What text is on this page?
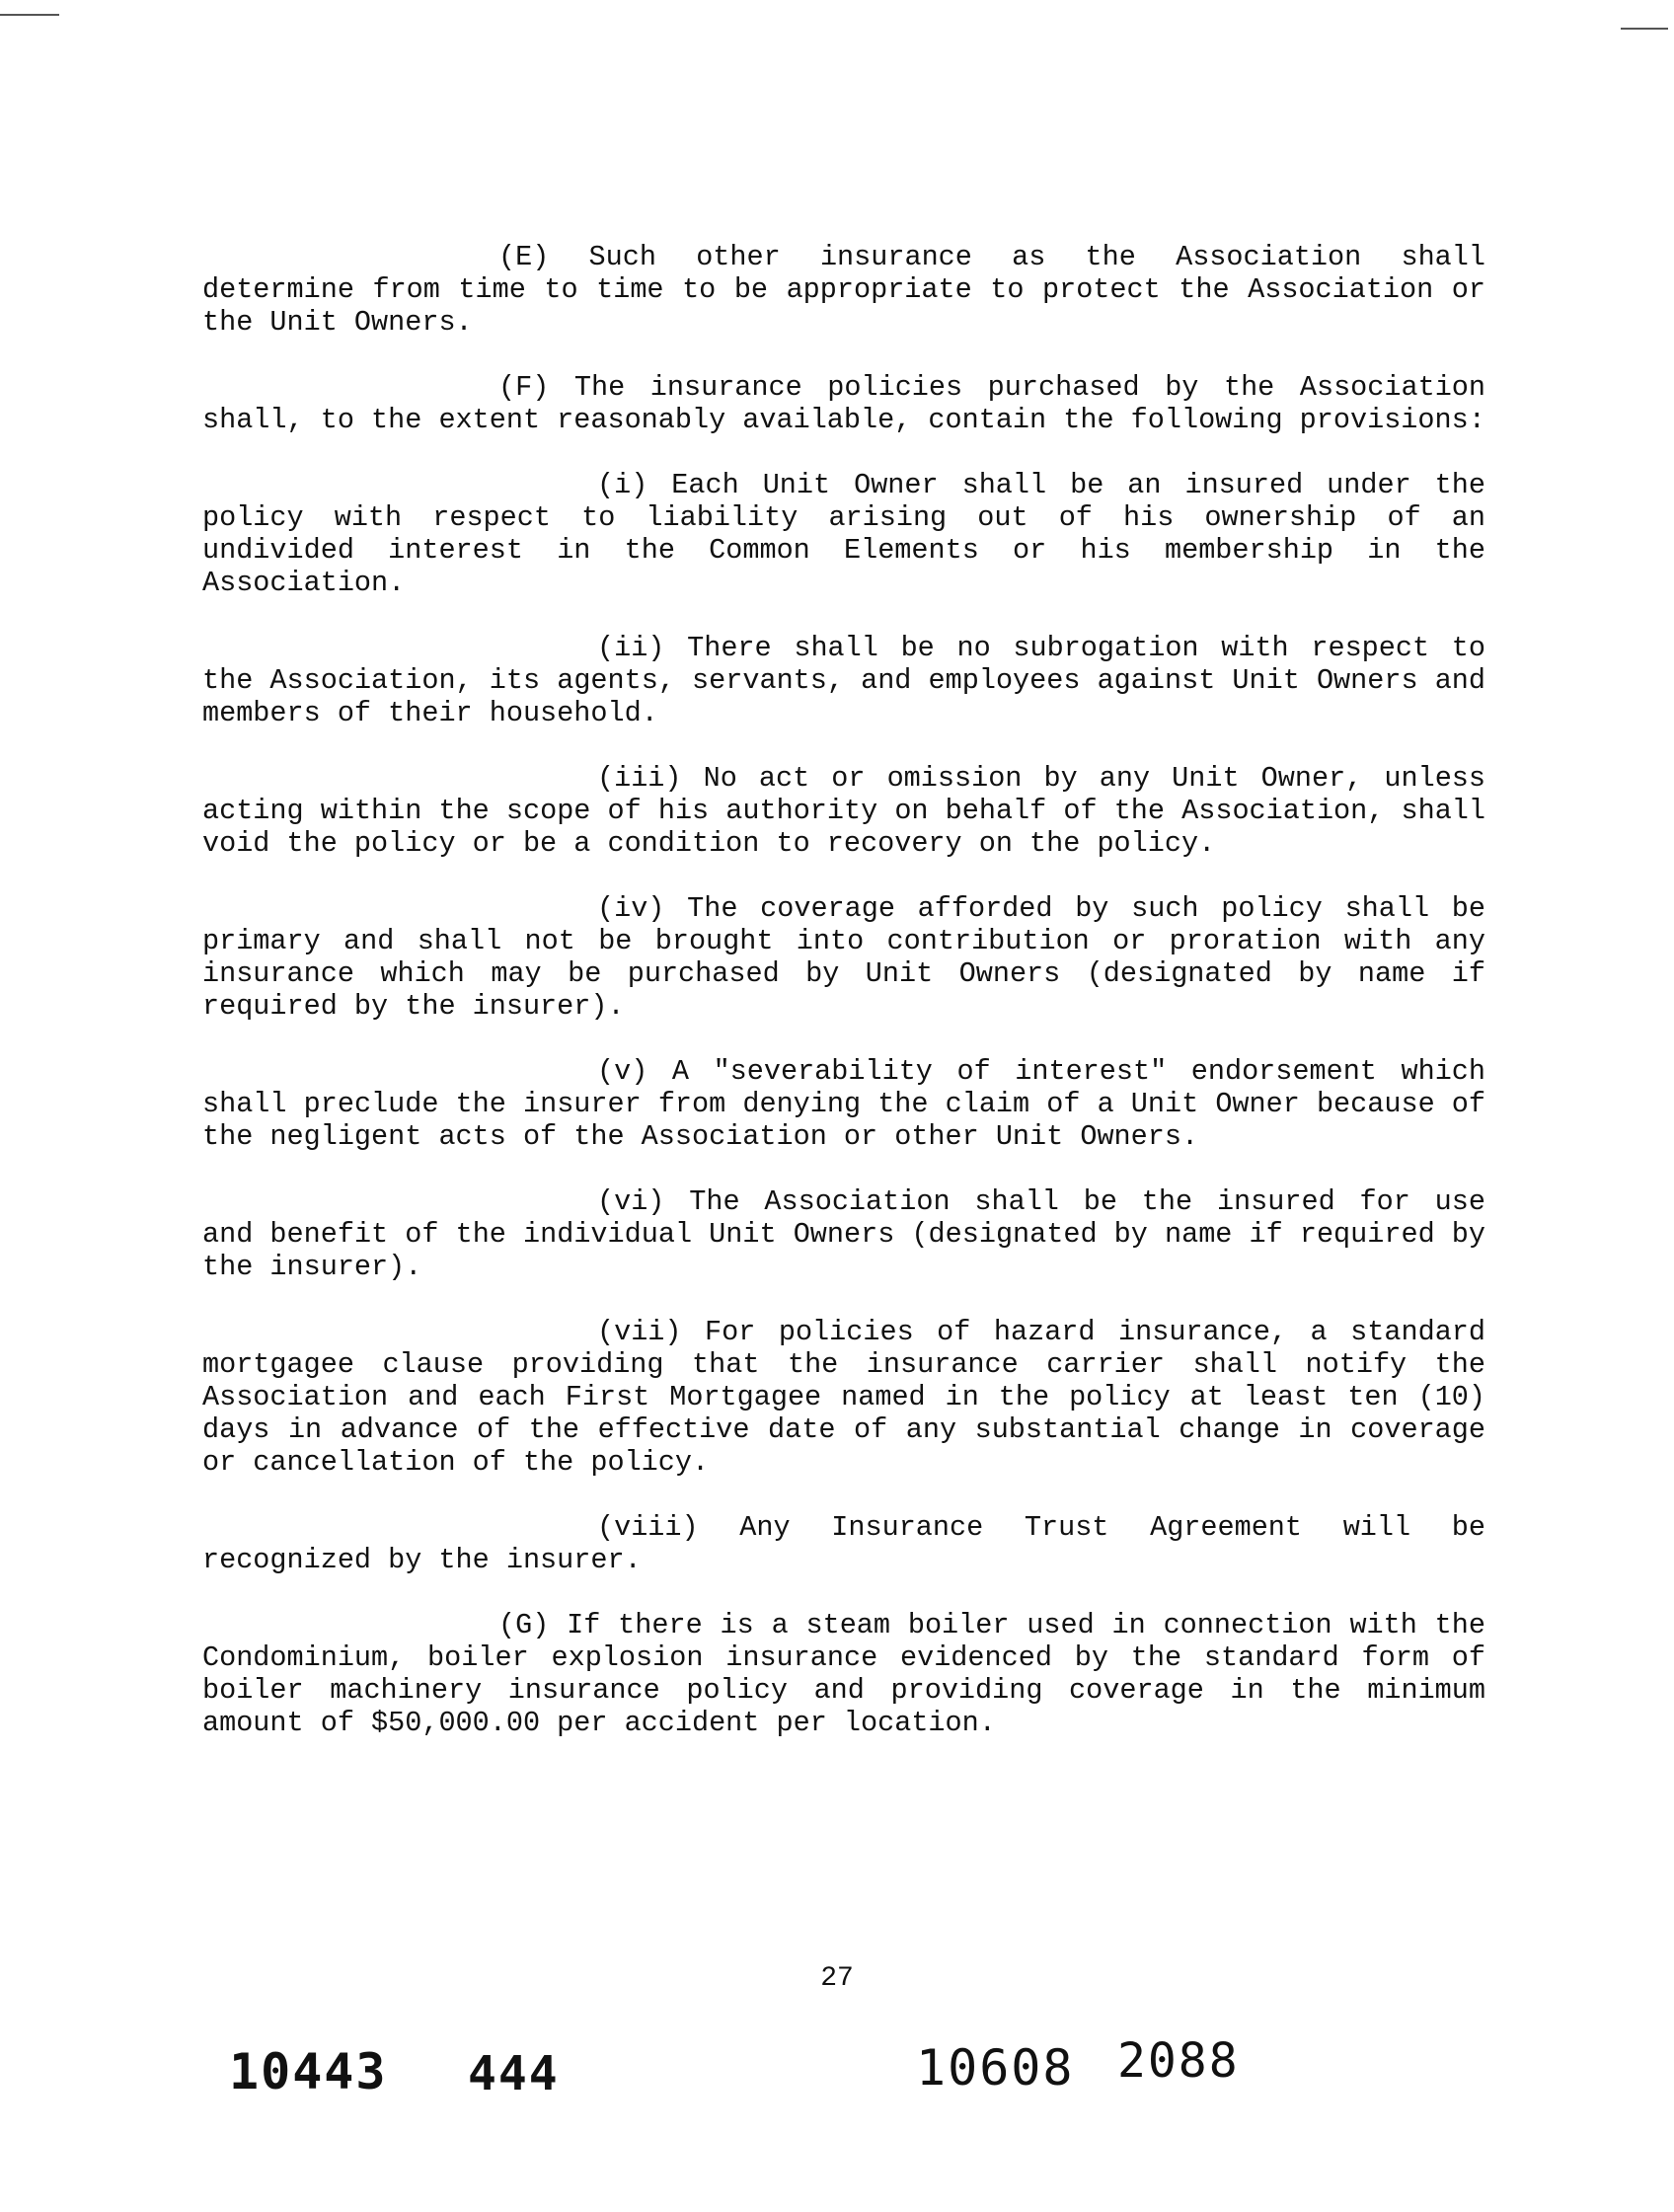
(E) Such other insurance as the Association shall determine from time to time to be appropriate to protect the Association or the Unit Owners.

(F) The insurance policies purchased by the Association shall, to the extent reasonably available, contain the following provisions:

(i) Each Unit Owner shall be an insured under the policy with respect to liability arising out of his ownership of an undivided interest in the Common Elements or his membership in the Association.

(ii) There shall be no subrogation with respect to the Association, its agents, servants, and employees against Unit Owners and members of their household.

(iii) No act or omission by any Unit Owner, unless acting within the scope of his authority on behalf of the Association, shall void the policy or be a condition to recovery on the policy.

(iv) The coverage afforded by such policy shall be primary and shall not be brought into contribution or proration with any insurance which may be purchased by Unit Owners (designated by name if required by the insurer).

(v) A "severability of interest" endorsement which shall preclude the insurer from denying the claim of a Unit Owner because of the negligent acts of the Association or other Unit Owners.

(vi) The Association shall be the insured for use and benefit of the individual Unit Owners (designated by name if required by the insurer).

(vii) For policies of hazard insurance, a standard mortgagee clause providing that the insurance carrier shall notify the Association and each First Mortgagee named in the policy at least ten (10) days in advance of the effective date of any substantial change in coverage or cancellation of the policy.

(viii) Any Insurance Trust Agreement will be recognized by the insurer.

(G) If there is a steam boiler used in connection with the Condominium, boiler explosion insurance evidenced by the standard form of boiler machinery insurance policy and providing coverage in the minimum amount of $50,000.00 per accident per location.

27
10443 444	10608 2088
